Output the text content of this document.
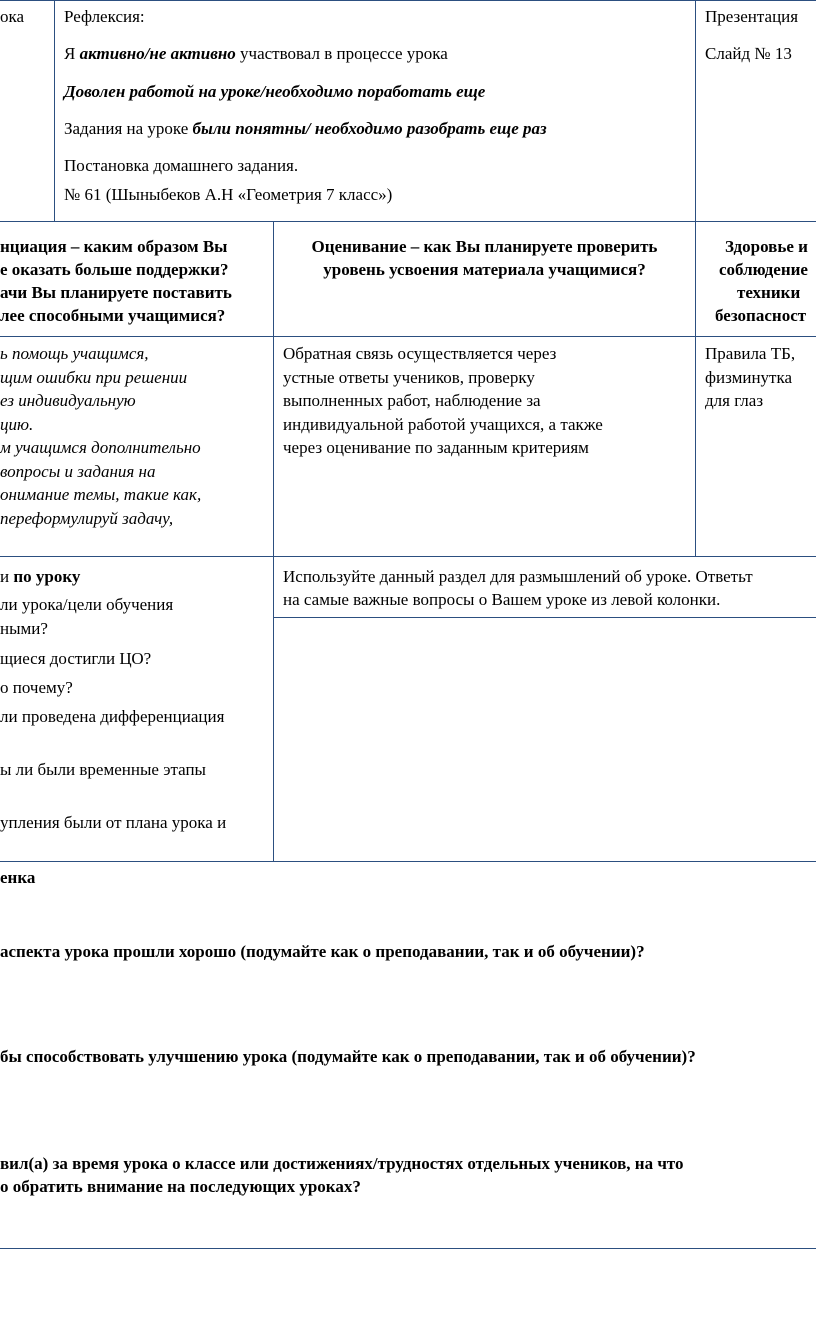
ока Рефлексия:
Я активно/не активно участвовал в процессе урока
Доволен работой на уроке/необходимо поработать еще
Задания на уроке были понятны/ необходимо разобрать еще раз
Постановка домашнего задания.
№ 61 (Шыныбеков А.Н «Геометрия 7 класс»)
Презентация
Слайд № 13
нциация – каким образом Вы
е оказать больше поддержки?
ачи Вы планируете поставить
лее способными учащимися?
Оценивание – как Вы планируете проверить
уровень усвоения материала учащимися?
Здоровье и
соблюдение
техники
безопасност
ь помощь учащимся,
щим ошибки при решении
ез индивидуальную
цию.
м учащимся дополнительно
вопросы и задания на
онимание темы, такие как,
переформулируй задачу,
Обратная связь осуществляется через
устные ответы учеников, проверку
выполненных работ, наблюдение за
индивидуальной работой учащихся, а также
через оценивание по заданным критериям
Правила ТБ,
физминутка
для глаз
и по уроку
ли урока/цели обучения
ными?
щиеся достигли ЦО?
о почему?
ли проведена дифференциация
ы ли были временные этапы
упления были от плана урока и
Используйте данный раздел для размышлений об уроке. Ответьт
на самые важные вопросы о Вашем уроке из левой колонки.
енка
аспекта урока прошли хорошо (подумайте как о преподавании, так и об обучении)?
бы способствовать улучшению урока (подумайте как о преподавании, так и об обучении)?
вил(а) за время урока о классе или достижениях/трудностях отдельных учеников, на что
о обратить внимание на последующих уроках?
